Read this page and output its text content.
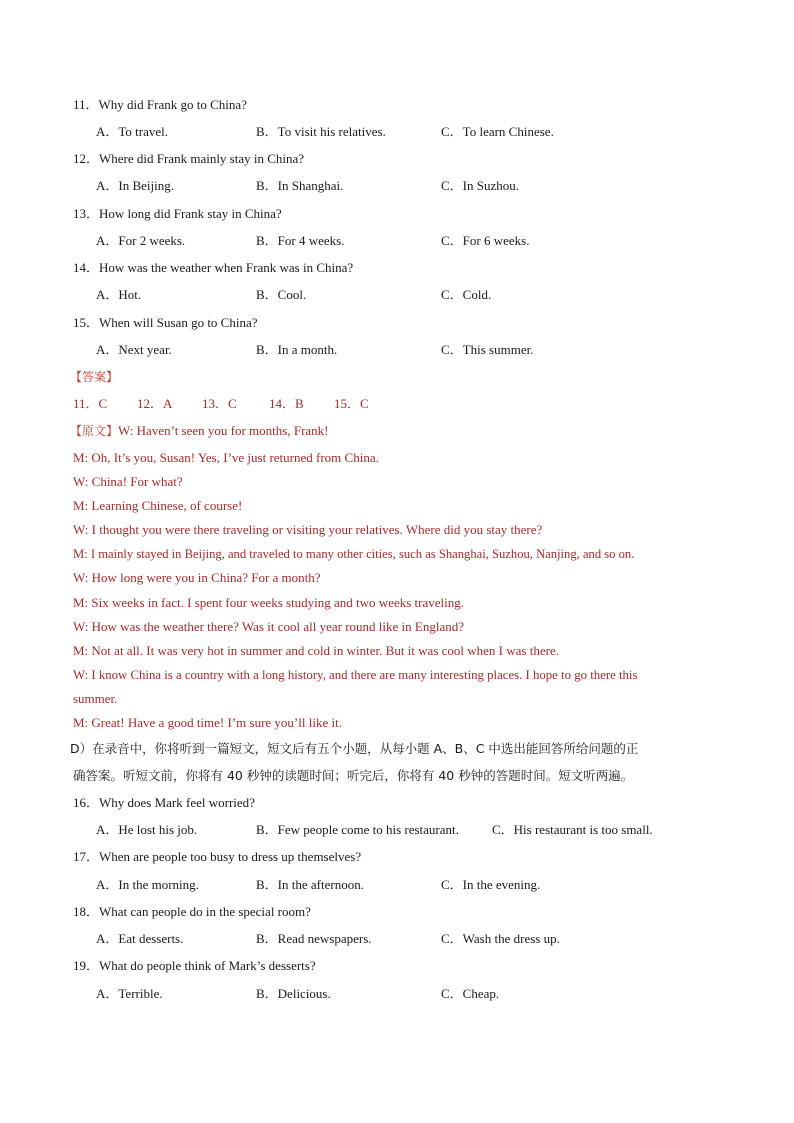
11．Why did Frank go to China?
A．To travel.	B．To visit his relatives.	C．To learn Chinese.
12．Where did Frank mainly stay in China?
A．In Beijing.	B．In Shanghai.	C．In Suzhou.
13．How long did Frank stay in China?
A．For 2 weeks.	B．For 4 weeks.	C．For 6 weeks.
14．How was the weather when Frank was in China?
A．Hot.	B．Cool.	C．Cold.
15．When will Susan go to China?
A．Next year.	B．In a month.	C．This summer.
【答案】
11．C 12．A 13．C 14．B 15．C
【原文】W: Haven’t seen you for months, Frank!
M: Oh, It’s you, Susan! Yes, I’ve just returned from China.
W: China! For what?
M: Learning Chinese, of course!
W: I thought you were there traveling or visiting your relatives. Where did you stay there?
M: I mainly stayed in Beijing, and traveled to many other cities, such as Shanghai, Suzhou, Nanjing, and so on.
W: How long were you in China? For a month?
M: Six weeks in fact. I spent four weeks studying and two weeks traveling.
W: How was the weather there? Was it cool all year round like in England?
M: Not at all. It was very hot in summer and cold in winter. But it was cool when I was there.
W: I know China is a country with a long history, and there are many interesting places. I hope to go there this
summer.
M: Great! Have a good time! I’m sure you’ll like it.
D）在录音中，你将听到一篇短文，短文后有五个小题，从每小题 A、B、C 中选出能回答所给问题的正
确答案。听短文前，你将有 40 秒钟的读题时间；听完后，你将有 40 秒钟的答题时间。短文听两遍。
16．Why does Mark feel worried?
A．He lost his job.	B．Few people come to his restaurant.	C．His restaurant is too small.
17．When are people too busy to dress up themselves?
A．In the morning.	B．In the afternoon.	C．In the evening.
18．What can people do in the special room?
A．Eat desserts.	B．Read newspapers.	C．Wash the dress up.
19．What do people think of Mark’s desserts?
A．Terrible.	B．Delicious.	C．Cheap.
